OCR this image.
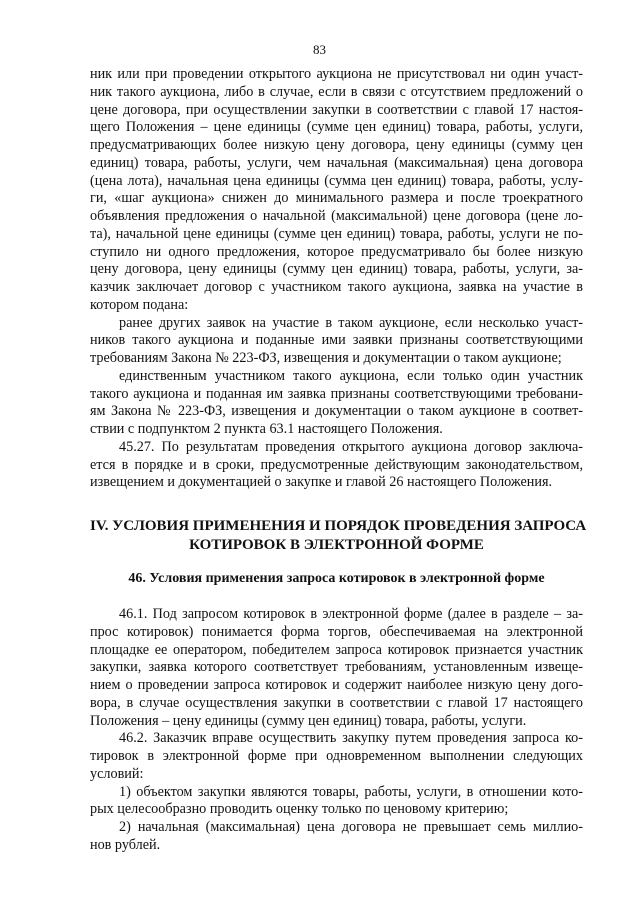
83
ник или при проведении открытого аукциона не присутствовал ни один участ-
ник такого аукциона, либо в случае, если в связи с отсутствием предложений о
цене договора, при осуществлении закупки в соответствии с главой 17 настоя-
щего Положения – цене единицы (сумме цен единиц) товара, работы, услуги,
предусматривающих более низкую цену договора, цену единицы (сумму цен
единиц) товара, работы, услуги, чем начальная (максимальная) цена договора
(цена лота), начальная цена единицы (сумма цен единиц) товара, работы, услу-
ги, «шаг аукциона» снижен до минимального размера и после троекратного
объявления предложения о начальной (максимальной) цене договора (цене ло-
та), начальной цене единицы (сумме цен единиц) товара, работы, услуги не по-
ступило ни одного предложения, которое предусматривало бы более низкую
цену договора, цену единицы (сумму цен единиц) товара, работы, услуги, за-
казчик заключает договор с участником такого аукциона, заявка на участие в
котором подана:
ранее других заявок на участие в таком аукционе, если несколько участ-
ников такого аукциона и поданные ими заявки признаны соответствующими
требованиям Закона № 223-ФЗ, извещения и документации о таком аукционе;
единственным участником такого аукциона, если только один участник
такого аукциона и поданная им заявка признаны соответствующими требовани-
ям Закона № 223-ФЗ, извещения и документации о таком аукционе в соответ-
ствии с подпунктом 2 пункта 63.1 настоящего Положения.
45.27. По результатам проведения открытого аукциона договор заключа-
ется в порядке и в сроки, предусмотренные действующим законодательством,
извещением и документацией о закупке и главой 26 настоящего Положения.
IV. УСЛОВИЯ ПРИМЕНЕНИЯ И ПОРЯДОК ПРОВЕДЕНИЯ ЗАПРОСА
КОТИРОВОК В ЭЛЕКТРОННОЙ ФОРМЕ
46. Условия применения запроса котировок в электронной форме
46.1. Под запросом котировок в электронной форме (далее в разделе – за-
прос котировок) понимается форма торгов, обеспечиваемая на электронной
площадке ее оператором, победителем запроса котировок признается участник
закупки, заявка которого соответствует требованиям, установленным извеще-
нием о проведении запроса котировок и содержит наиболее низкую цену дого-
вора, в случае осуществления закупки в соответствии с главой 17 настоящего
Положения – цену единицы (сумму цен единиц) товара, работы, услуги.
46.2. Заказчик вправе осуществить закупку путем проведения запроса ко-
тировок в электронной форме при одновременном выполнении следующих
условий:
1) объектом закупки являются товары, работы, услуги, в отношении кото-
рых целесообразно проводить оценку только по ценовому критерию;
2) начальная (максимальная) цена договора не превышает семь миллио-
нов рублей.
